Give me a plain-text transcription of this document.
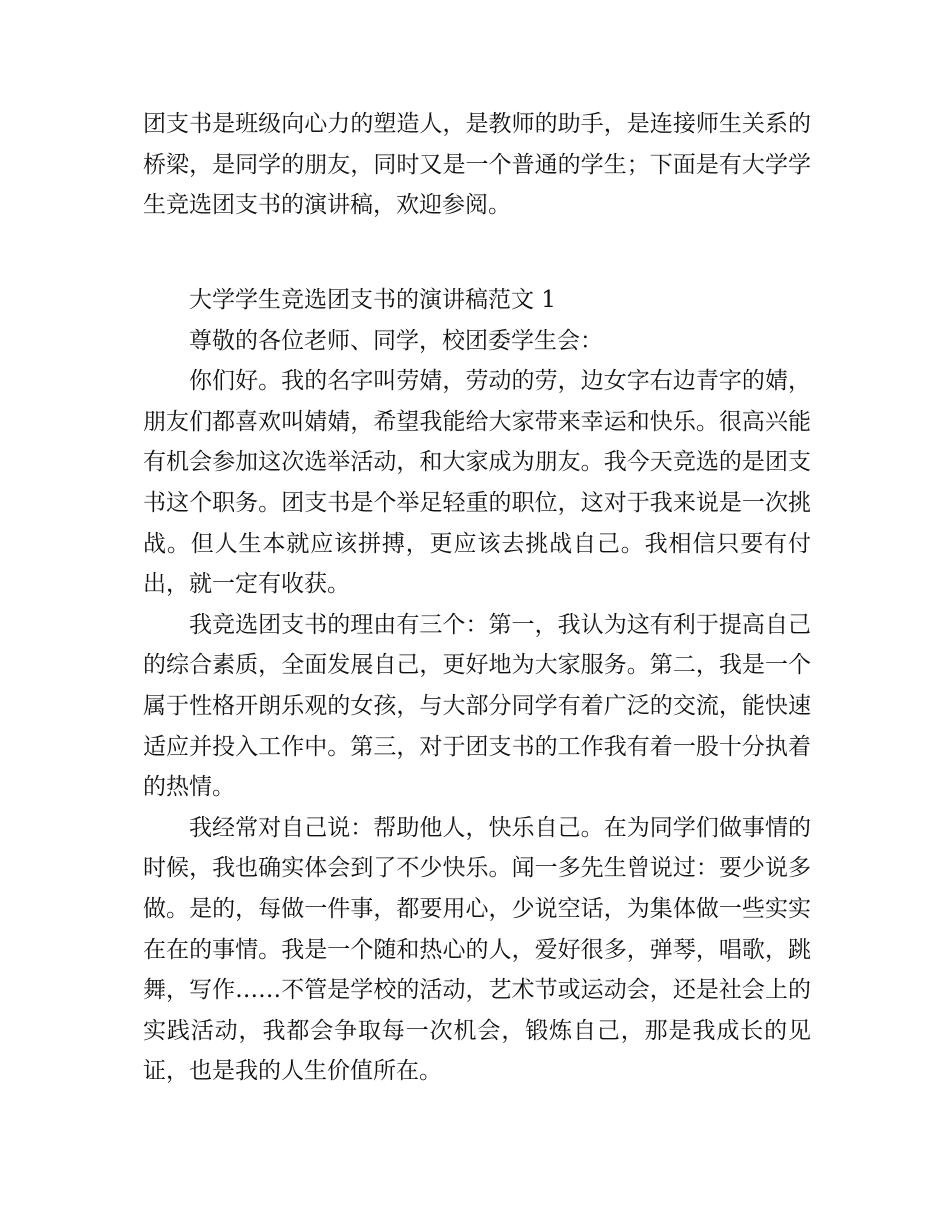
团支书是班级向心力的塑造人，是教师的助手，是连接师生关系的桥梁，是同学的朋友，同时又是一个普通的学生；下面是有大学学生竞选团支书的演讲稿，欢迎参阅。

大学学生竞选团支书的演讲稿范文 1

尊敬的各位老师、同学，校团委学生会：

你们好。我的名字叫劳婧，劳动的劳，边女字右边青字的婧，朋友们都喜欢叫婧婧，希望我能给大家带来幸运和快乐。很高兴能有机会参加这次选举活动，和大家成为朋友。我今天竞选的是团支书这个职务。团支书是个举足轻重的职位，这对于我来说是一次挑战。但人生本就应该拼搏，更应该去挑战自己。我相信只要有付出，就一定有收获。

我竞选团支书的理由有三个：第一，我认为这有利于提高自己的综合素质，全面发展自己，更好地为大家服务。第二，我是一个属于性格开朗乐观的女孩，与大部分同学有着广泛的交流，能快速适应并投入工作中。第三，对于团支书的工作我有着一股十分执着的热情。

我经常对自己说：帮助他人，快乐自己。在为同学们做事情的时候，我也确实体会到了不少快乐。闻一多先生曾说过：要少说多做。是的，每做一件事，都要用心，少说空话，为集体做一些实实在在的事情。我是一个随和热心的人，爱好很多，弹琴，唱歌，跳舞，写作……不管是学校的活动，艺术节或运动会，还是社会上的实践活动，我都会争取每一次机会，锻炼自己，那是我成长的见证，也是我的人生价值所在。
